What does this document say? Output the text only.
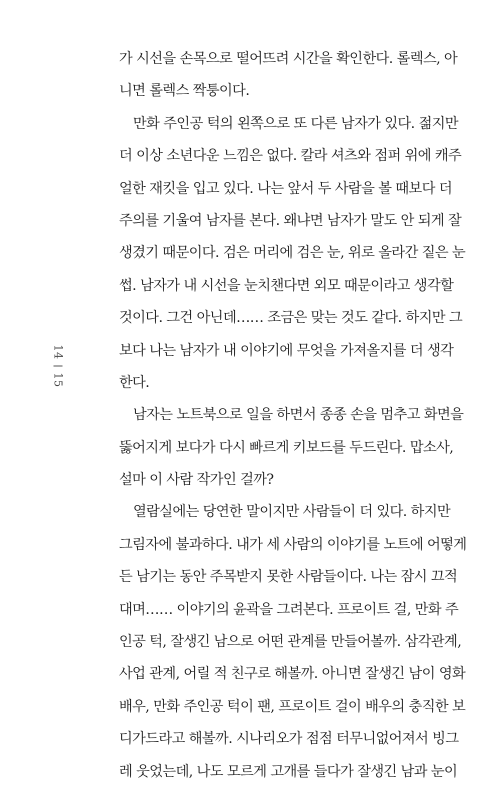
1415
가 시선을 손목으로 떨어뜨려 시간을 확인한다. 롤렉스, 아
니면 롤렉스 짝퉁이다.
만화 주인공 턱의 왼쪽으로 또 다른 남자가 있다. 젊지만
더 이상 소년다운 느낌은 없다. 칼라 셔츠와 점퍼 위에 캐주
얼한 재킷을 입고 있다. 나는 앞서 두 사람을 볼 때보다 더
주의를 기울여 남자를 본다. 왜냐면 남자가 말도 안 되게 잘
생겼기 때문이다. 검은 머리에 검은 눈, 위로 올라간 짙은 눈
썹. 남자가 내 시선을 눈치챈다면 외모 때문이라고 생각할
것이다. 그건 아닌데…… 조금은 맞는 것도 같다. 하지만 그
보다 나는 남자가 내 이야기에 무엇을 가져올지를 더 생각
한다.
남자는 노트북으로 일을 하면서 종종 손을 멈추고 화면을
뚫어지게 보다가 다시 빠르게 키보드를 두드린다. 맙소사,
설마 이 사람 작가인 걸까?
열람실에는 당연한 말이지만 사람들이 더 있다. 하지만
그림자에 불과하다. 내가 세 사람의 이야기를 노트에 어떻게
든 남기는 동안 주목받지 못한 사람들이다. 나는 잠시 끄적
대며…… 이야기의 윤곽을 그려본다. 프로이트 걸, 만화 주
인공 턱, 잘생긴 남으로 어떤 관계를 만들어볼까. 삼각관계,
사업 관계, 어릴 적 친구로 해볼까. 아니면 잘생긴 남이 영화
배우, 만화 주인공 턱이 팬, 프로이트 걸이 배우의 충직한 보
디가드라고 해볼까. 시나리오가 점점 터무니없어져서 빙그
레 웃었는데, 나도 모르게 고개를 들다가 잘생긴 남과 눈이
